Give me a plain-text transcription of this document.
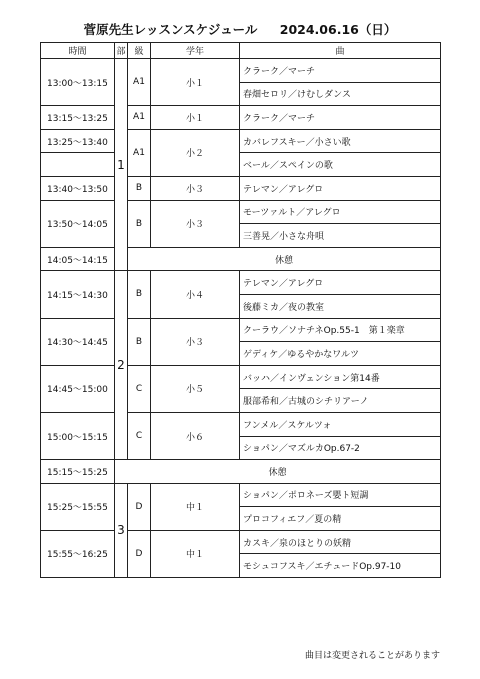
菅原先生レッスンスケジュール 2024.06.16（日）
時間	部	級	学年	曲
13:00～13:15	1	A1	小１	クラーク／マーチ
				春畑セロリ／けむしダンス
13:15～13:25		A1	小１	クラーク／マーチ
13:25～13:40		A1	小２	カバレフスキー／小さい歌
				ベール／スペインの歌
13:40～13:50		B	小３	テレマン／アレグロ
13:50～14:05		B	小３	モーツァルト／アレグロ
				三善晃／小さな舟唄
14:05～14:15		休憩		
14:15～14:30	2	B	小４	テレマン／アレグロ
				後藤ミカ／夜の教室
14:30～14:45		B	小３	クーラウ／ソナチネOp.55-1　第１楽章
				ゲディケ／ゆるやかなワルツ
14:45～15:00		C	小５	バッハ／インヴェンション第14番
				服部希和／古城のシチリアーノ
15:00～15:15		C	小６	フンメル／スケルツォ
				ショパン／マズルカOp.67-2
15:15～15:25	休憩			
15:25～15:55	3	D	中１	ショパン／ポロネーズ嬰ト短調
				プロコフィエフ／夏の精
15:55～16:25		D	中１	カスキ／泉のほとりの妖精
				モシュコフスキ／エチュードOp.97-10
曲目は変更されることがあります
